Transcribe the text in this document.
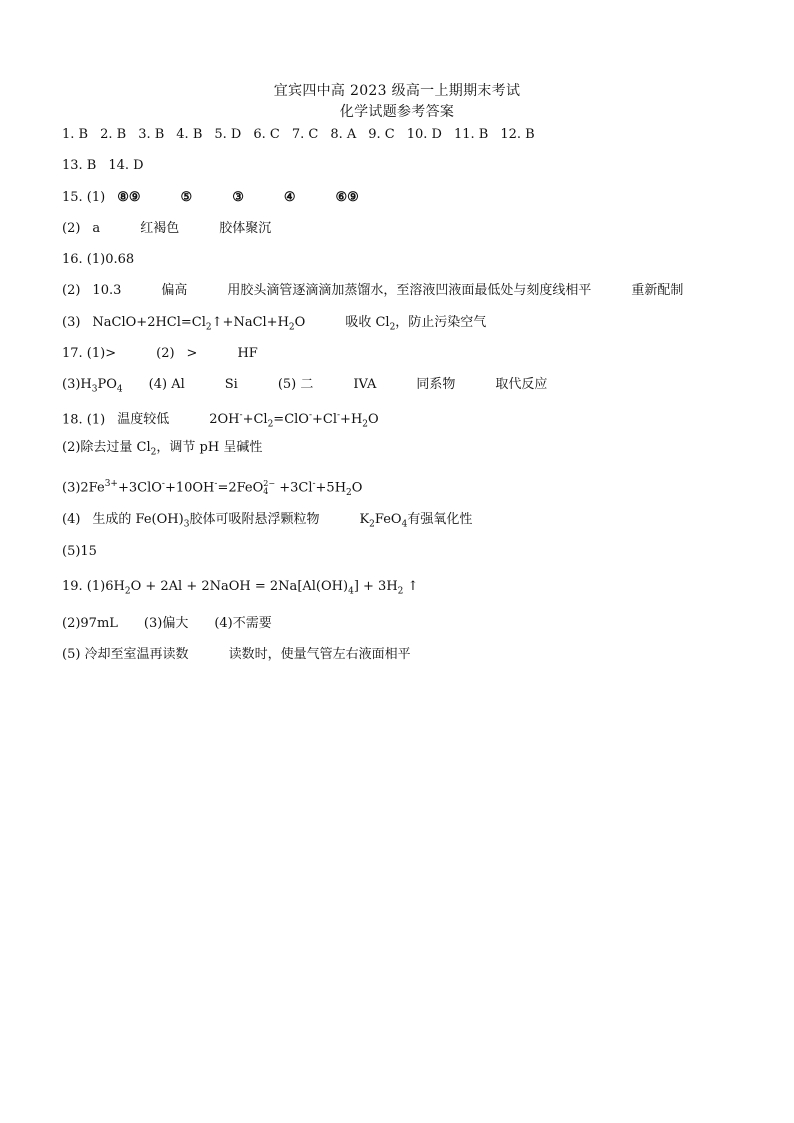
宜宾四中高 2023 级高一上期期末考试
化学试题参考答案
1. B 2. B 3. B 4. B 5. D 6. C 7. C 8. A 9. C 10. D 11. B 12. B
13. B 14. D
15. (1) ⑧⑨	⑤	③	④	⑥⑨
(2) a	红褐色	胶体聚沉
16. (1)0.68
(2) 10.3	偏高	用胶头滴管逐滴滴加蒸馏水，至溶液凹液面最低处与刻度线相平	重新配制
(3) $NaClO+2HCl=Cl_2↑+NaCl+H_2O$	吸收 $Cl_2$，防止污染空气
17. (1)>	(2) >	HF
$(3)H_3PO_4$ (4) Al	Si	(5) 二	IVA	同系物	取代反应
18. (1) 温度较低	$2OH^-+Cl_2=ClO^-+Cl^-+H_2O$
(2)除去过量 $Cl_2$，调节 pH 呈碱性
$(3)2Fe^{3+}+3ClO^-+10OH^-=2FeO2-$
$4 +3Cl^-+5H_2O$
(4) 生成的 $Fe(OH)_3$胶体可吸附悬浮颗粒物	$K_2FeO_4$有强氧化性
(5)15
19. $(1)6H_2O + 2Al$ + 2NaOH = $2Na[Al(OH)_4] + 3H_2$ ↑
(2)97mL (3)偏大 (4)不需要
(5) 冷却至室温再读数	读数时，使量气管左右液面相平
